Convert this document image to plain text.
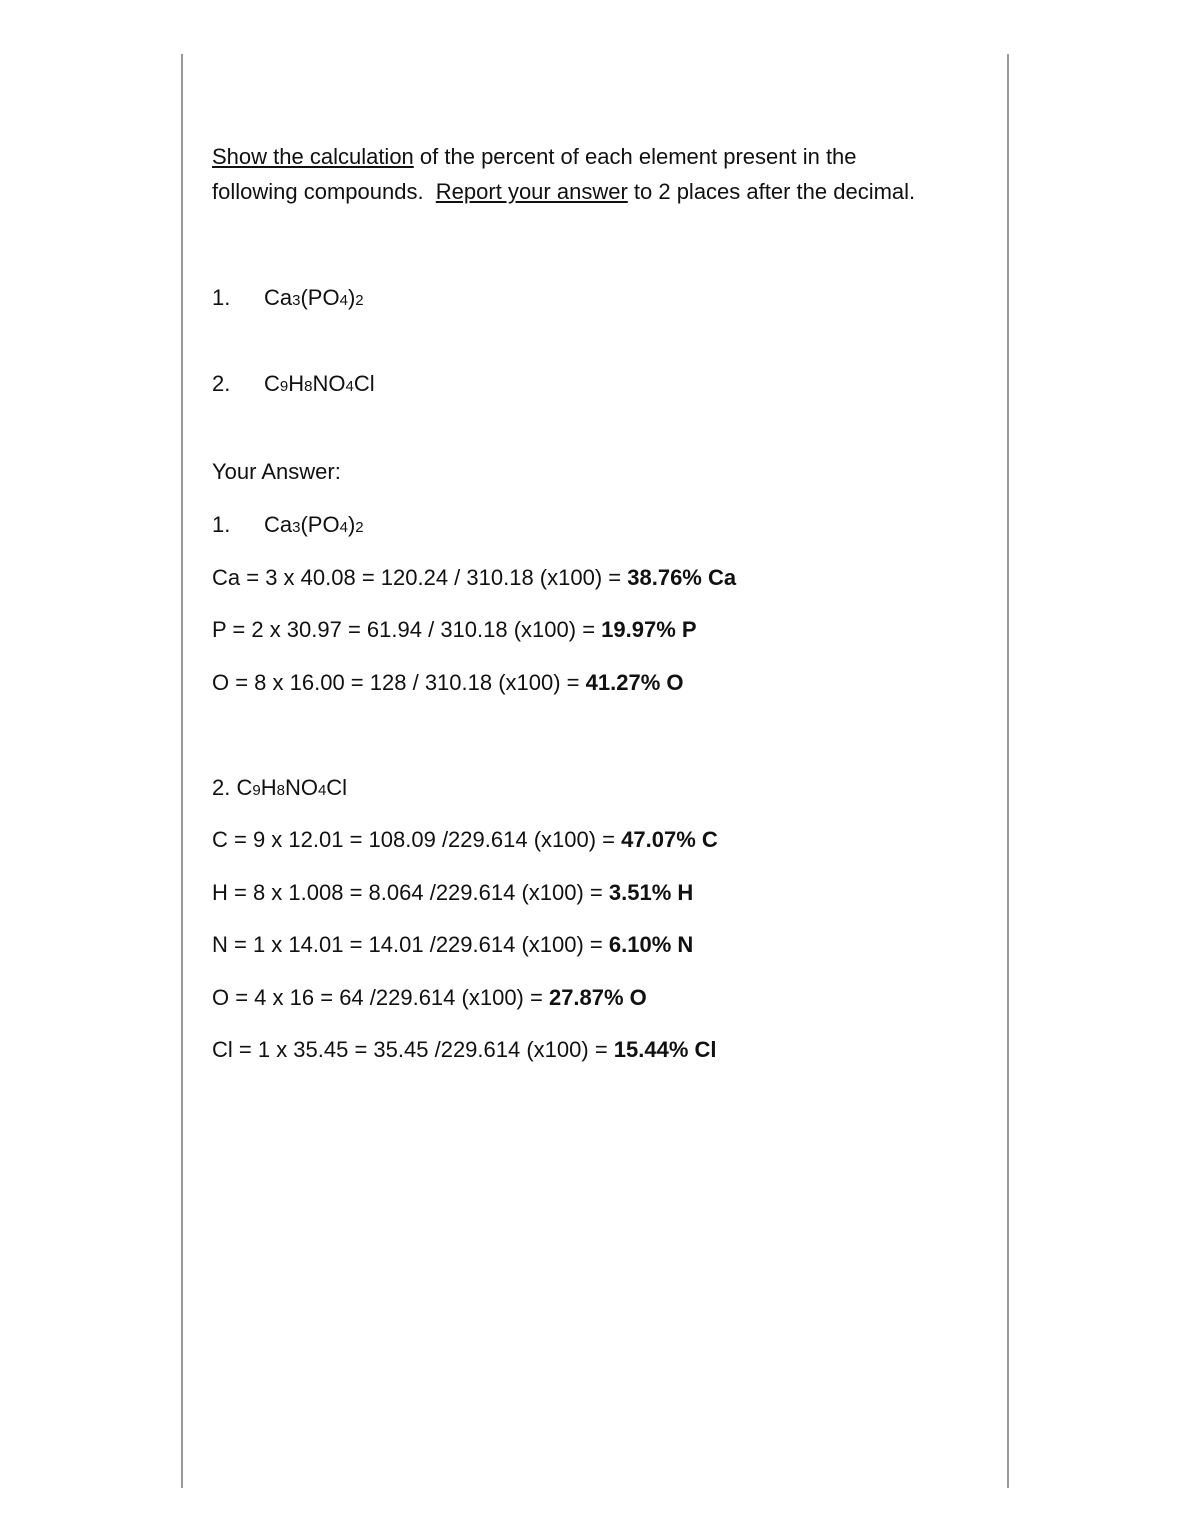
Show the calculation of the percent of each element present in the
following compounds.  Report your answer to 2 places after the decimal.
1. Ca3(PO4)2
2. C9H8NO4Cl
Your Answer:
1. Ca3(PO4)2
Ca = 3 x 40.08 = 120.24 / 310.18 (x100) = 38.76% Ca
P = 2 x 30.97 = 61.94 / 310.18 (x100) = 19.97% P
O = 8 x 16.00 = 128 / 310.18 (x100) = 41.27% O
2. C9H8NO4Cl
C = 9 x 12.01 = 108.09 /229.614 (x100) = 47.07% C
H = 8 x 1.008 = 8.064 /229.614 (x100) = 3.51% H
N = 1 x 14.01 = 14.01 /229.614 (x100) = 6.10% N
O = 4 x 16 = 64 /229.614 (x100) = 27.87% O
Cl = 1 x 35.45 = 35.45 /229.614 (x100) = 15.44% Cl
